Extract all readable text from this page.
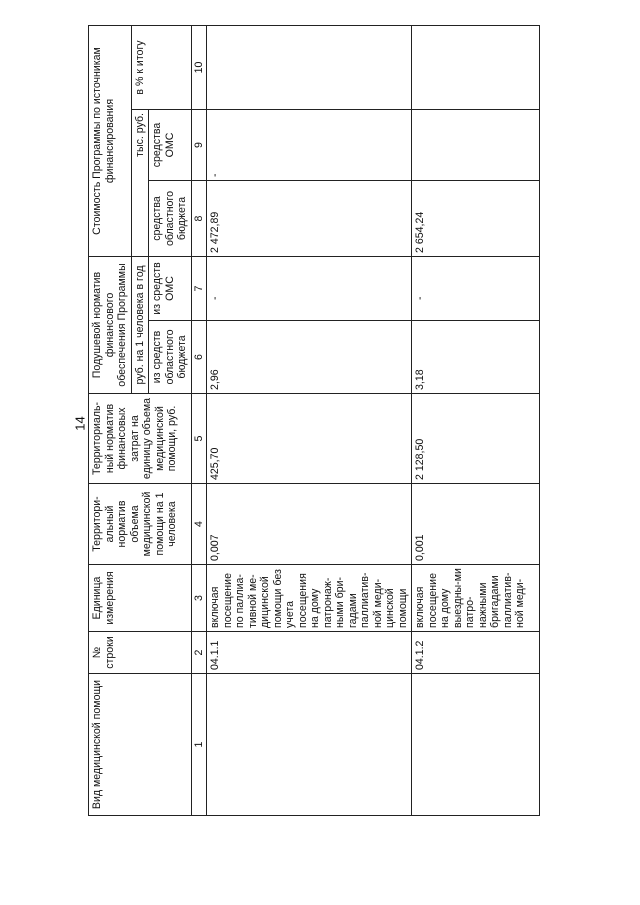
14
Вид медицинской помощи	№ строки	Единица измерения	Территори-альный норматив объема медицинской помощи на 1 человека	Территориаль-ный норматив финансовых затрат на единицу объема медицинской помощи, руб.	Подушевой норматив финансового обеспечения Программы		Стоимость Программы по источникам финансирования		
					руб. на 1 человека в год		тыс. руб.		в % к итогу
					из средств областного бюджета	из средств ОМС	средства областного бюджета	средства ОМС	
1	2	3	4	5	6	7	8	9	10
	04.1.1	включая посещение по паллиа-тивной ме-дицинской помощи без учета посещения на дому патронаж-ными бри-гадами паллиатив-ной меди-цинской помощи	0,007	425,70	2,96	-	2 472,89	-	
	04.1.2	включая посещение на дому выездны-ми патро-нажными бригадами паллиатив-ной меди-	0,001	2 128,50	3,18	-	2 654,24		
